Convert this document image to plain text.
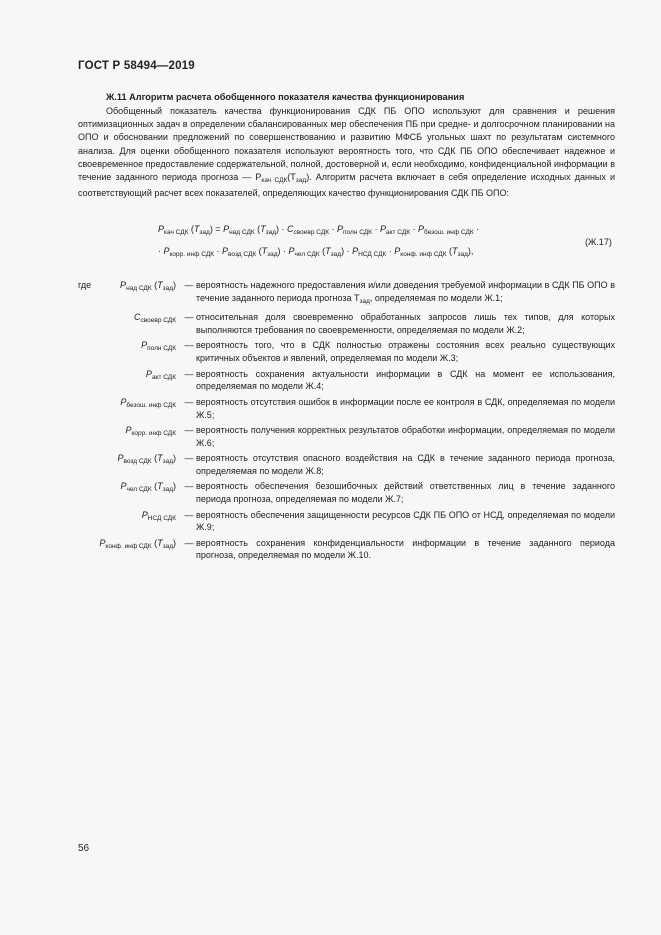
ГОСТ Р 58494—2019
Ж.11 Алгоритм расчета обобщенного показателя качества функционирования

Обобщенный показатель качества функционирования СДК ПБ ОПО используют для сравнения и решения оптимизационных задач в определении сбалансированных мер обеспечения ПБ при средне- и долгосрочном планировании на ОПО и обосновании предложений по совершенствованию и развитию МФСБ угольных шахт по результатам системного анализа. Для оценки обобщенного показателя используют вероятность того, что СДК ПБ ОПО обеспечивает надежное и своевременное предоставление содержательной, полной, достоверной и, если необходимо, конфиденциальной информации в течение заданного периода прогноза — $P_{кач СДК}(T_{зад})$. Алгоритм расчета включает в себя определение исходных данных и соответствующий расчет всех показателей, определяющих качество функционирования СДК ПБ ОПО:

$P_{кач СДК}$ $(T_{зад}) = P_{над СДК}$ $(T_{зад}) \cdot C_{своевр СДК} \cdot P_{полн СДК} \cdot P_{акт СДК} \cdot P_{безош. инф СДК}$ ·
· $P_{корр. инф СДК} \cdot P_{возд СДК}$ $(T_{зад}) \cdot P_{чел СДК}$ $(T_{зад}) \cdot P_{НСД СДК} \cdot P_{конф. инф СДК}$ $(T_{зад})$,
(Ж.17)
где	$P_{над СДК}$ $(T_{зад})$ — вероятность надежного предоставления и/или доведения требуемой информации в СДК ПБ ОПО в течение заданного периода прогноза $T_{зад}$, определяемая по модели Ж.1;
$C_{своевр СДК}$ — относительная доля своевременно обработанных запросов лишь тех типов, для которых выполняются требования по своевременности, определяемая по модели Ж.2;
$P_{полн СДК}$ — вероятность того, что в СДК полностью отражены состояния всех реально существующих критичных объектов и явлений, определяемая по модели Ж.3;
$P_{акт СДК}$ — вероятность сохранения актуальности информации в СДК на момент ее использования, определяемая по модели Ж.4;
$P_{безош. инф СДК}$ — вероятность отсутствия ошибок в информации после ее контроля в СДК, определяемая по модели Ж.5;
$P_{корр. инф СДК}$ — вероятность получения корректных результатов обработки информации, определяемая по модели Ж.6;
$P_{возд СДК}$ $(T_{зад})$ — вероятность отсутствия опасного воздействия на СДК в течение заданного периода прогноза, определяемая по модели Ж.8;
$P_{чел СДК}$ $(T_{зад})$ — вероятность обеспечения безошибочных действий ответственных лиц в течение заданного периода прогноза, определяемая по модели Ж.7;
$P_{НСД СДК}$ — вероятность обеспечения защищенности ресурсов СДК ПБ ОПО от НСД, определяемая по модели Ж.9;
$P_{конф. инф СДК}$ $(T_{зад})$ — вероятность сохранения конфиденциальности информации в течение заданного периода прогноза, определяемая по модели Ж.10.
56
